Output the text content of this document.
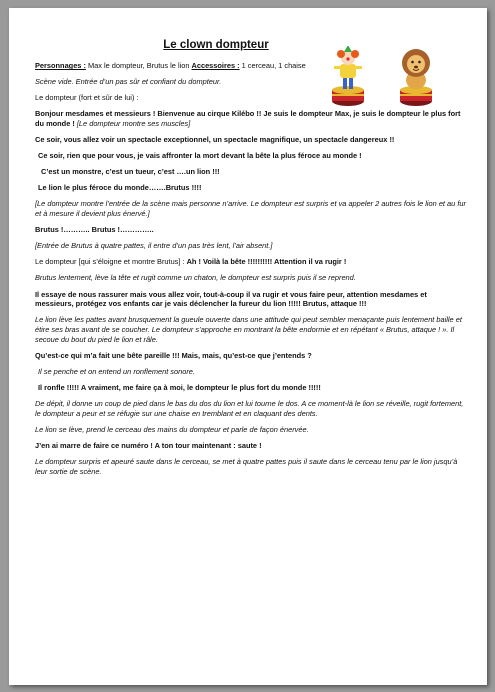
Le clown dompteur
Personnages : Max le dompteur, Brutus le lion Accessoires : 1 cerceau, 1 chaise
Scène vide. Entrée d’un pas sûr et confiant du dompteur.
Le dompteur (fort et sûr de lui) :
Bonjour mesdames et messieurs ! Bienvenue au cirque Kilébo !! Je suis le dompteur Max, je suis le dompteur le plus fort du monde ! [Le dompteur montre ses muscles]
Ce soir, vous allez voir un spectacle exceptionnel, un spectacle magnifique, un spectacle dangereux !!
Ce soir, rien que pour vous, je vais affronter la mort devant la bête la plus féroce au monde !
C’est un monstre, c’est un tueur, c’est ….un lion !!!
Le lion le plus féroce du monde…….Brutus !!!!
[Le dompteur montre l’entrée de la scène mais personne n’arrive. Le dompteur est surpris et va appeler 2 autres fois le lion et au fur et à mesure il devient plus énervé.]
Brutus !……….. Brutus !…………..
[Entrée de Brutus à quatre pattes, il entre d’un pas très lent, l’air absent.]
Le dompteur [qui s’éloigne et montre Brutus] : Ah ! Voilà la bête !!!!!!!!!! Attention il va rugir !
Brutus lentement, lève la tête et rugit comme un chaton, le dompteur est surpris puis il se reprend.
Il essaye de nous rassurer mais vous allez voir, tout-à-coup il va rugir et vous faire peur, attention mesdames et messieurs, protégez vos enfants car je vais déclencher la fureur du lion !!!!! Brutus, attaque !!!
Le lion lève les pattes avant brusquement la gueule ouverte dans une attitude qui peut sembler menaçante puis lentement baille et étire ses bras avant de se coucher. Le dompteur s’approche en montrant la bête endormie et en répétant « Brutus, attaque ! ». Il secoue du bout du pied le lion et râle.
Qu’est-ce qui m’a fait une bête pareille !!! Mais, mais, qu’est-ce que j’entends ?
Il se penche et on entend un ronflement sonore.
Il ronfle !!!!! A vraiment, me faire ça à moi, le dompteur le plus fort du monde !!!!!
De dépit, il donne un coup de pied dans le bas du dos du lion et lui tourne le dos. A ce moment-là le lion se réveille, rugit fortement, le dompteur a peur et se réfugie sur une chaise en tremblant et en claquant des dents.
Le lion se lève, prend le cerceau des mains du dompteur et parle de façon énervée.
J’en ai marre de faire ce numéro ! A ton tour maintenant : saute !
Le dompteur surpris et apeuré saute dans le cerceau, se met à quatre pattes puis il saute dans le cerceau tenu par le lion jusqu’à leur sortie de scène.
